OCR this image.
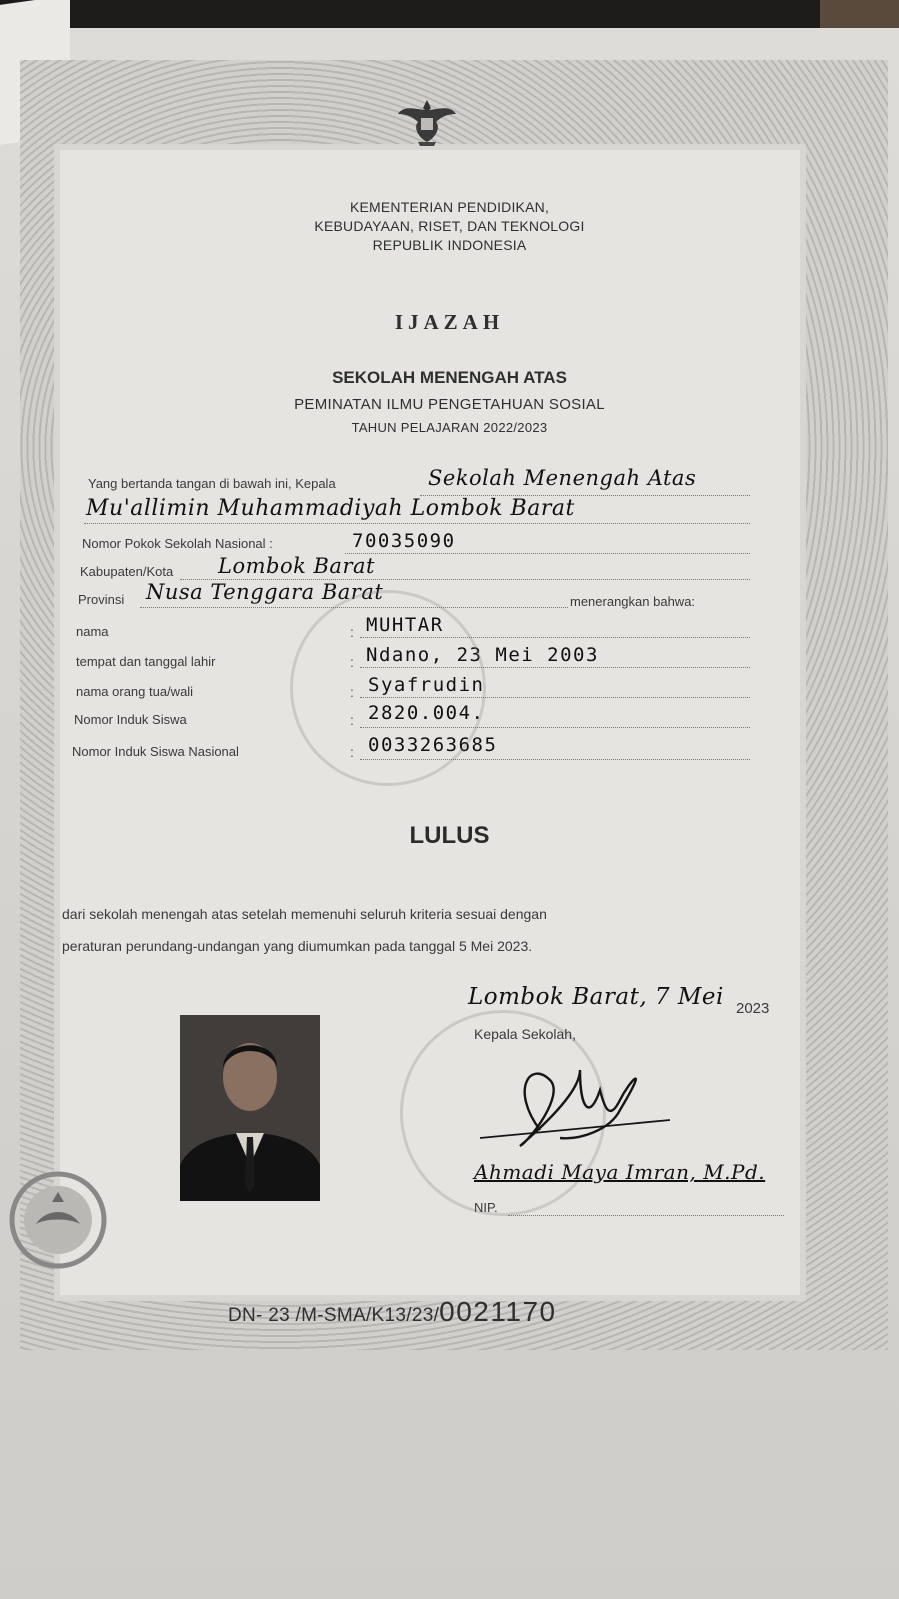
KEMENTERIAN PENDIDIKAN,
KEBUDAYAAN, RISET, DAN TEKNOLOGI
REPUBLIK INDONESIA
IJAZAH
SEKOLAH MENENGAH ATAS
PEMINATAN ILMU PENGETAHUAN SOSIAL
TAHUN PELAJARAN 2022/2023
Yang bertanda tangan di bawah ini, Kepala	Sekolah Menengah Atas
Mu'allimin Muhammadiyah Lombok Barat
Nomor Pokok Sekolah Nasional :	70035090
Kabupaten/Kota Lombok Barat
Provinsi Nusa Tenggara Barat	menerangkan bahwa:
nama	: MUHTAR
tempat dan tanggal lahir	: Ndano, 23 Mei 2003
nama orang tua/wali	: Syafrudin
Nomor Induk Siswa	: 2820.004.
Nomor Induk Siswa Nasional	: 0033263685
LULUS
dari sekolah menengah atas setelah memenuhi seluruh kriteria sesuai dengan
peraturan perundang-undangan yang diumumkan pada tanggal 5 Mei 2023.
Lombok Barat, 7 Mei 2023
Kepala Sekolah,
Ahmadi Maya Imran, M.Pd.
NIP.
DN- 23 /M-SMA/K13/23/0021170
